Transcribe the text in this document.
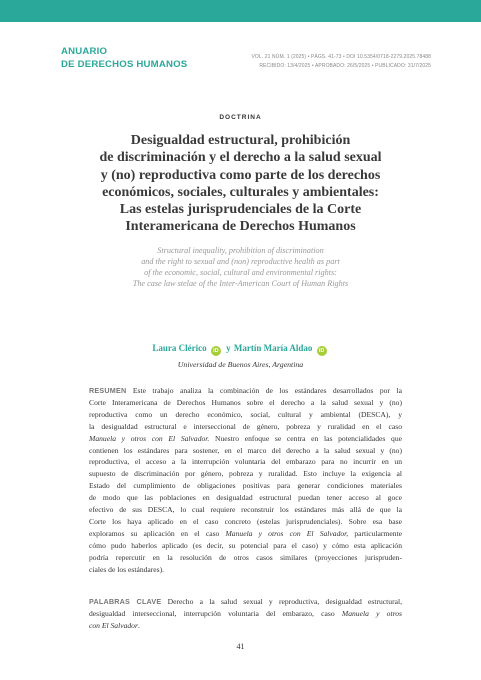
ANUARIO
DE DERECHOS HUMANOS
VOL. 21 NÚM. 1 (2025) • PÁGS. 41-73 • DOI 10.5354/0718-2279.2025.78488
RECIBIDO: 13/4/2025 • APROBADO: 26/5/2025 • PUBLICADO: 31/7/2025
DOCTRINA
Desigualdad estructural, prohibición
de discriminación y el derecho a la salud sexual
y (no) reproductiva como parte de los derechos
económicos, sociales, culturales y ambientales:
Las estelas jurisprudenciales de la Corte
Interamericana de Derechos Humanos
Structural inequality, prohibition of discrimination
and the right to sexual and (non) reproductive health as part
of the economic, social, cultural and environmental rights:
The case law stelae of the Inter-American Court of Human Rights
Laura Clérico iD y Martín María Aldao iD
Universidad de Buenos Aires, Argentina
RESUMEN Este trabajo analiza la combinación de los estándares desarrollados por la
Corte Interamericana de Derechos Humanos sobre el derecho a la salud sexual y (no)
reproductiva como un derecho económico, social, cultural y ambiental (DESCA), y
la desigualdad estructural e interseccional de género, pobreza y ruralidad en el caso
Manuela y otros con El Salvador. Nuestro enfoque se centra en las potencialidades que
contienen los estándares para sostener, en el marco del derecho a la salud sexual y (no)
reproductiva, el acceso a la interrupción voluntaria del embarazo para no incurrir en un
supuesto de discriminación por género, pobreza y ruralidad. Esto incluye la exigencia al
Estado del cumplimiento de obligaciones positivas para generar condiciones materiales
de modo que las poblaciones en desigualdad estructural puedan tener acceso al goce
efectivo de sus DESCA, lo cual requiere reconstruir los estándares más allá de que la
Corte los haya aplicado en el caso concreto (estelas jurisprudenciales). Sobre esa base
exploramos su aplicación en el caso Manuela y otros con El Salvador, particularmente
cómo pudo haberlos aplicado (es decir, su potencial para el caso) y cómo esta aplicación
podría repercutir en la resolución de otros casos similares (proyecciones jurispruden-
ciales de los estándares).
PALABRAS CLAVE Derecho a la salud sexual y reproductiva, desigualdad estructural,
desigualdad interseccional, interrupción voluntaria del embarazo, caso Manuela y otros
con El Salvador.
41
